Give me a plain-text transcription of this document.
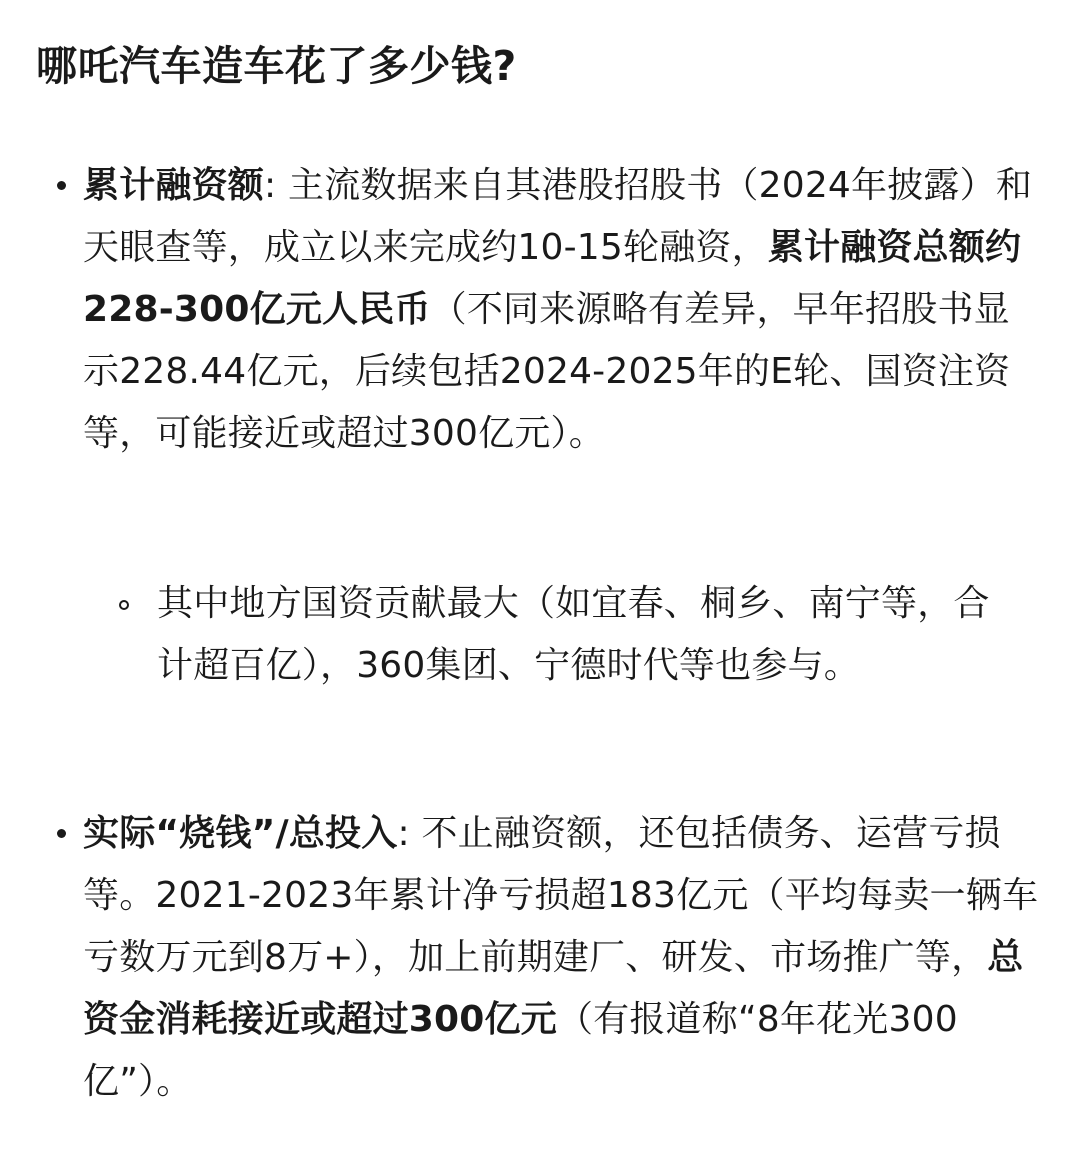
哪吒汽车造车花了多少钱?
累计融资额: 主流数据来自其港股招股书（2024年披露）和天眼查等，成立以来完成约10-15轮融资，累计融资总额约228-300亿元人民币（不同来源略有差异，早年招股书显示228.44亿元，后续包括2024-2025年的E轮、国资注资等，可能接近或超过300亿元）。
其中地方国资贡献最大（如宜春、桐乡、南宁等，合计超百亿），360集团、宁德时代等也参与。
实际“烧钱”/总投入: 不止融资额，还包括债务、运营亏损等。2021-2023年累计净亏损超183亿元（平均每卖一辆车亏数万元到8万+），加上前期建厂、研发、市场推广等，总资金消耗接近或超过300亿元（有报道称“8年花光300亿”）。
